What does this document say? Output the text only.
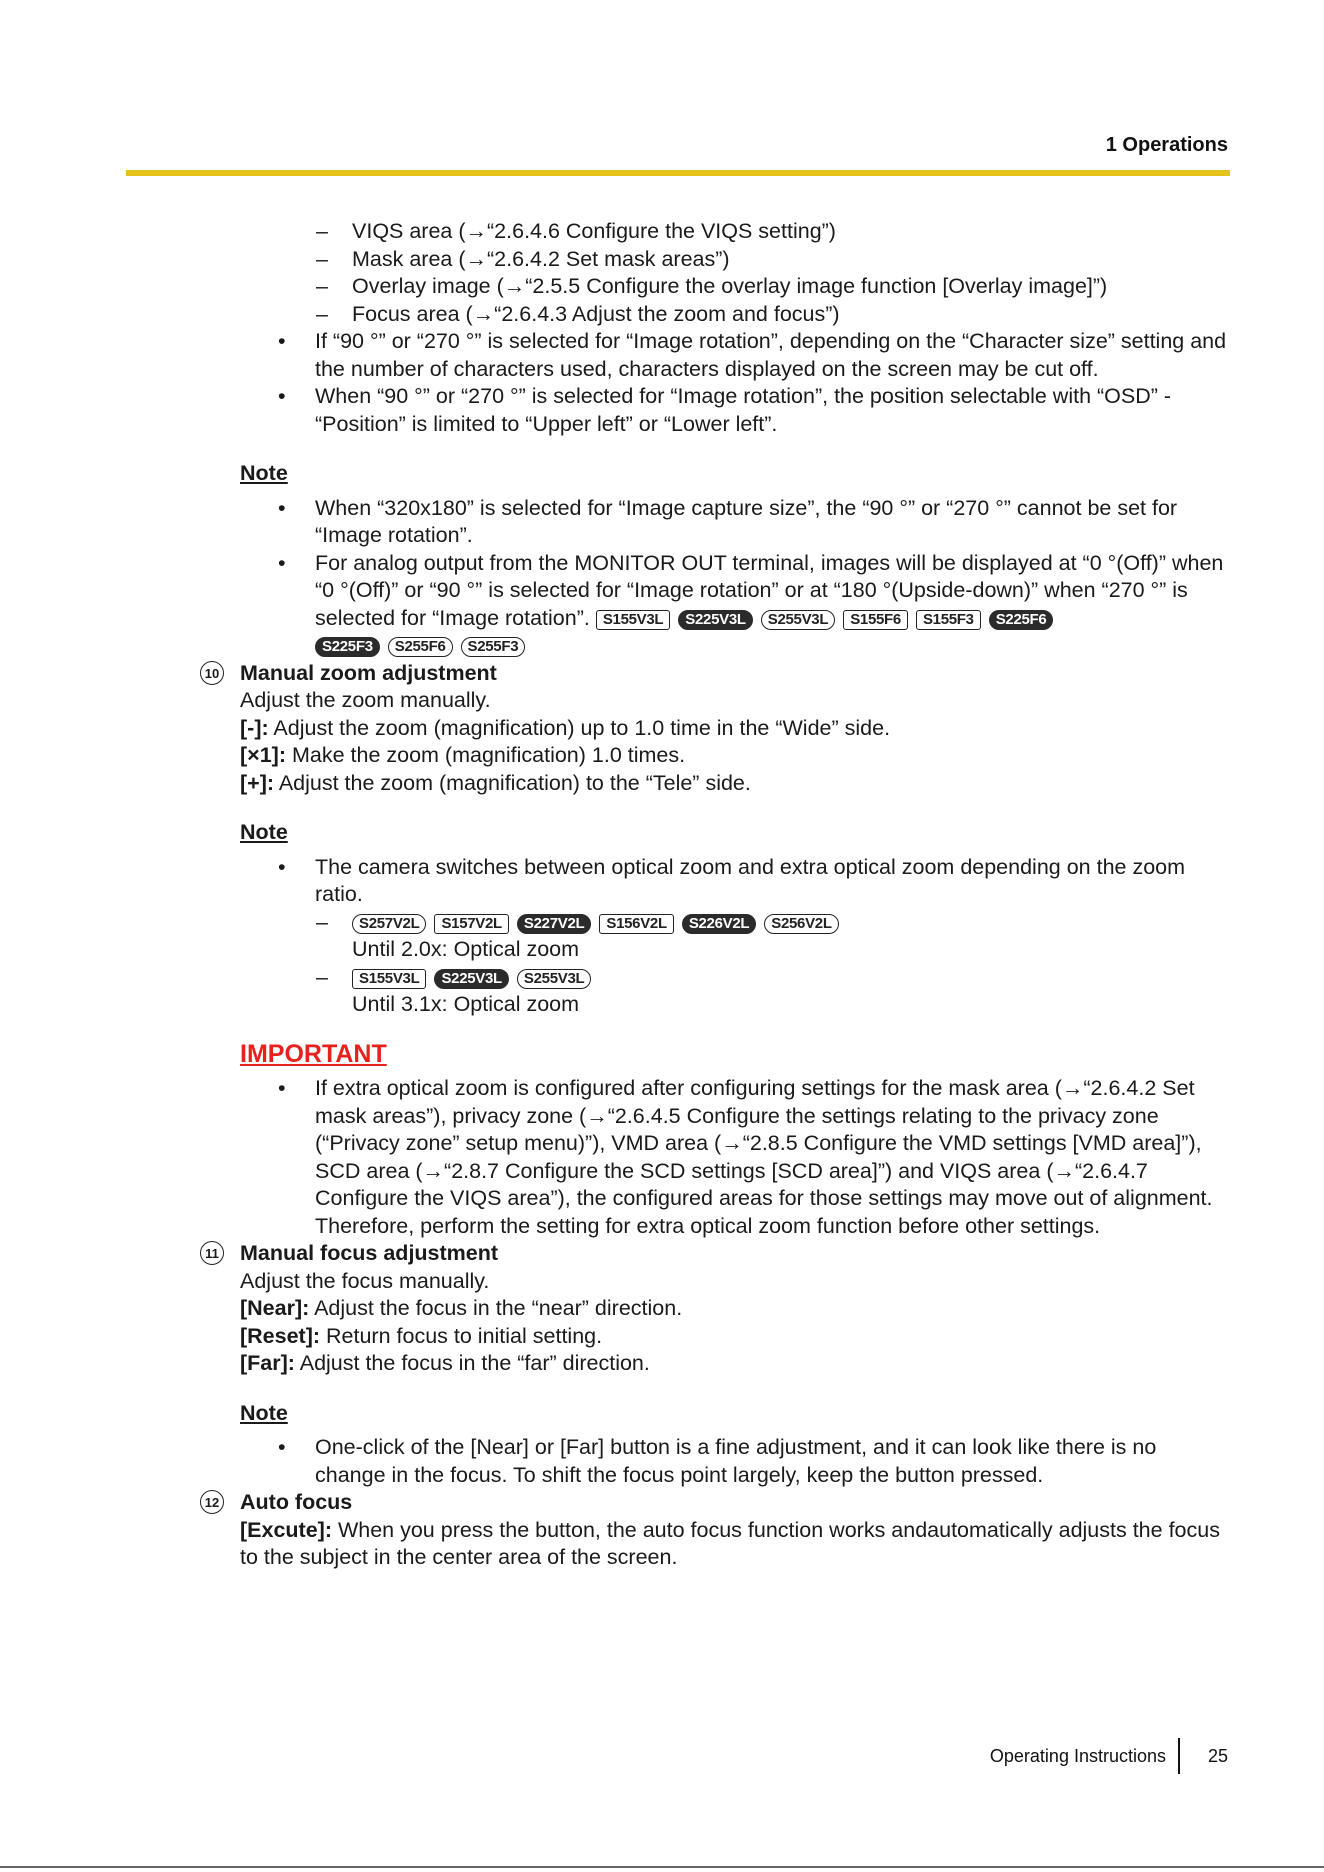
1 Operations
– VIQS area (→“2.6.4.6 Configure the VIQS setting”)
– Mask area (→“2.6.4.2 Set mask areas”)
– Overlay image (→“2.5.5 Configure the overlay image function [Overlay image]”)
– Focus area (→“2.6.4.3 Adjust the zoom and focus”)
• If “90 °” or “270 °” is selected for “Image rotation”, depending on the “Character size” setting and the number of characters used, characters displayed on the screen may be cut off.
• When “90 °” or “270 °” is selected for “Image rotation”, the position selectable with “OSD” - “Position” is limited to “Upper left” or “Lower left”.
Note
• When “320x180” is selected for “Image capture size”, the “90 °” or “270 °” cannot be set for “Image rotation”.
• For analog output from the MONITOR OUT terminal, images will be displayed at “0 °(Off)” when “0 °(Off)” or “90 °” is selected for “Image rotation” or at “180 °(Upside-down)” when “270 °” is selected for “Image rotation”. S155V3L S225V3L S255V3L S155F6 S155F3 S225F6
S225F3 S255F6 S255F3
10 Manual zoom adjustment
Adjust the zoom manually.
[-]: Adjust the zoom (magnification) up to 1.0 time in the “Wide” side.
[×1]: Make the zoom (magnification) 1.0 times.
[+]: Adjust the zoom (magnification) to the “Tele” side.
Note
• The camera switches between optical zoom and extra optical zoom depending on the zoom ratio.
– S257V2L S157V2L S227V2L S156V2L S226V2L S256V2L
Until 2.0x: Optical zoom
– S155V3L S225V3L S255V3L
Until 3.1x: Optical zoom
IMPORTANT
• If extra optical zoom is configured after configuring settings for the mask area (→“2.6.4.2 Set mask areas”), privacy zone (→“2.6.4.5 Configure the settings relating to the privacy zone (“Privacy zone” setup menu)”), VMD area (→“2.8.5 Configure the VMD settings [VMD area]”), SCD area (→“2.8.7 Configure the SCD settings [SCD area]”) and VIQS area (→“2.6.4.7 Configure the VIQS area”), the configured areas for those settings may move out of alignment. Therefore, perform the setting for extra optical zoom function before other settings.
11 Manual focus adjustment
Adjust the focus manually.
[Near]: Adjust the focus in the “near” direction.
[Reset]: Return focus to initial setting.
[Far]: Adjust the focus in the “far” direction.
Note
• One-click of the [Near] or [Far] button is a fine adjustment, and it can look like there is no change in the focus. To shift the focus point largely, keep the button pressed.
12 Auto focus
[Excute]: When you press the button, the auto focus function works andautomatically adjusts the focus to the subject in the center area of the screen.
Operating Instructions 25
